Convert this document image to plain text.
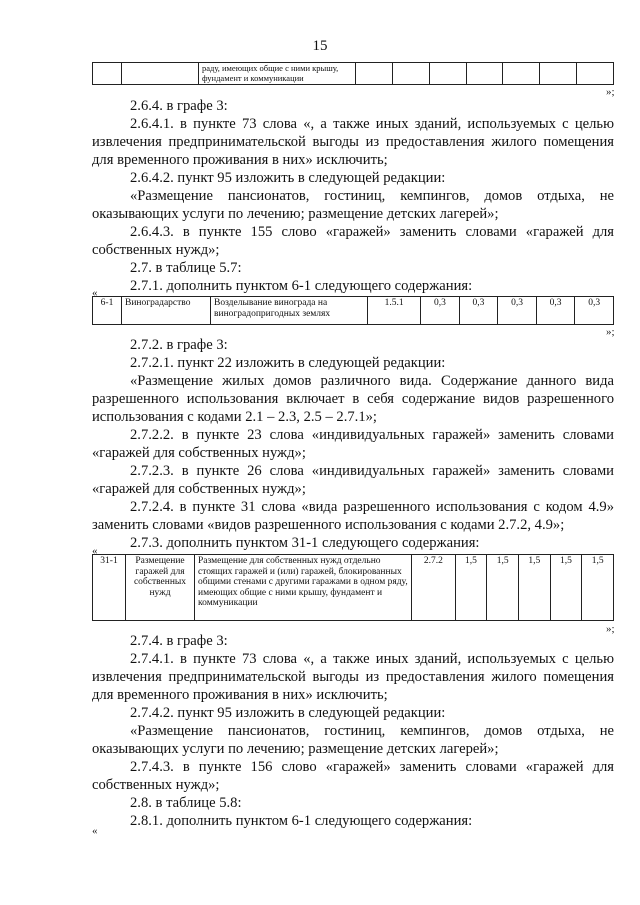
15
		раду, имеющих общие с ними крышу, фундамент и коммуникации							
»;

2.6.4. в графе 3:

2.6.4.1. в пункте 73 слова «, а также иных зданий, используемых с целью извлечения предпринимательской выгоды из предоставления жилого помещения для временного проживания в них» исключить;

2.6.4.2. пункт 95 изложить в следующей редакции:

«Размещение пансионатов, гостиниц, кемпингов, домов отдыха, не оказывающих услуги по лечению; размещение детских лагерей»;

2.6.4.3. в пункте 155 слово «гаражей» заменить словами «гаражей для собственных нужд»;

2.7. в таблице 5.7:

2.7.1. дополнить пунктом 6-1 следующего содержания:

«
6-1	Виноградарство	Возделывание винограда на виноградопригодных землях	1.5.1	0,3	0,3	0,3	0,3	0,3
»;

2.7.2. в графе 3:

2.7.2.1. пункт 22 изложить в следующей редакции:

«Размещение жилых домов различного вида. Содержание данного вида разрешенного использования включает в себя содержание видов разрешенного использования с кодами 2.1 – 2.3, 2.5 – 2.7.1»;

2.7.2.2. в пункте 23 слова «индивидуальных гаражей» заменить словами «гаражей для собственных нужд»;

2.7.2.3. в пункте 26 слова «индивидуальных гаражей» заменить словами «гаражей для собственных нужд»;

2.7.2.4. в пункте 31 слова «вида разрешенного использования с кодом 4.9» заменить словами «видов разрешенного использования с кодами 2.7.2, 4.9»;

2.7.3. дополнить пунктом 31-1 следующего содержания:

«
31-1	Размещение гаражей для собственных нужд	Размещение для собственных нужд отдельно стоящих гаражей и (или) гаражей, блокированных общими стенами с другими гаражами в одном ряду, имеющих общие с ними крышу, фундамент и коммуникации	2.7.2	1,5	1,5	1,5	1,5	1,5
»;

2.7.4. в графе 3:

2.7.4.1. в пункте 73 слова «, а также иных зданий, используемых с целью извлечения предпринимательской выгоды из предоставления жилого помещения для временного проживания в них» исключить;

2.7.4.2. пункт 95 изложить в следующей редакции:

«Размещение пансионатов, гостиниц, кемпингов, домов отдыха, не оказывающих услуги по лечению; размещение детских лагерей»;

2.7.4.3. в пункте 156 слово «гаражей» заменить словами «гаражей для собственных нужд»;

2.8. в таблице 5.8:

2.8.1. дополнить пунктом 6-1 следующего содержания:

«
